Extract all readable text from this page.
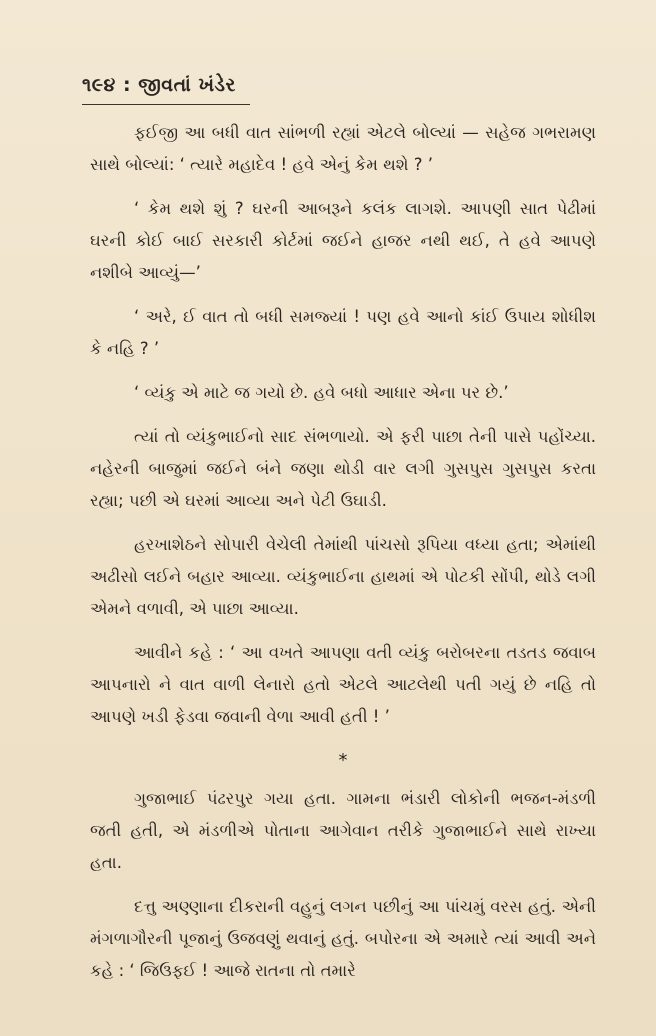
૧૯૪ : જીવતાં ખંડેર

ફઈજી આ બધી વાત સાંભળી રહ્યાં એટલે બોલ્યાં — સહેજ ગભરામણ સાથે બોલ્યાં: ‘ ત્યારે મહાદેવ ! હવે એનું કેમ થશે ? ’

‘ કેમ થશે શું ? ઘરની આબરૂને કલંક લાગશે. આપણી સાત પેઢીમાં ઘરની કોઈ બાઈ સરકારી કોર્ટમાં જઈને હાજર નથી થઈ, તે હવે આપણે નશીબે આવ્યું—’

‘ અરે, ઈ વાત તો બધી સમજ્યાં ! પણ હવે આનો કાંઈ ઉપાય શોધીશ કે નહિ ? ’

‘ વ્યંકુ એ માટે જ ગયો છે. હવે બધો આધાર એના પર છે.’

ત્યાં તો વ્યંકુભાઈનો સાદ સંભળાયો. એ ફરી પાછા તેની પાસે પહોંચ્યા. નહેરની બાજુમાં જઈને બંને જણા થોડી વાર લગી ગુસપુસ ગુસપુસ કરતા રહ્યા; પછી એ ઘરમાં આવ્યા અને પેટી ઉઘાડી.

હરખાશેઠને સોપારી વેચેલી તેમાંથી પાંચસો રૂપિયા વધ્યા હતા; એમાંથી અઢીસો લઈને બહાર આવ્યા. વ્યંકુભાઈના હાથમાં એ પોટકી સોંપી, થોડે લગી એમને વળાવી, એ પાછા આવ્યા.

આવીને કહે : ‘ આ વખતે આપણા વતી વ્યંકુ બરોબરના તડતડ જવાબ આપનારો ને વાત વાળી લેનારો હતો એટલે આટલેથી પતી ગયું છે નહિ તો આપણે ખડી ફેડવા જવાની વેળા આવી હતી ! ’

*

ગુજાભાઈ પંઢરપુર ગયા હતા. ગામના ભંડારી લોકોની ભજન-મંડળી જતી હતી, એ મંડળીએ પોતાના આગેવાન તરીકે ગુજાભાઈને સાથે રાખ્યા હતા.

દત્તુ અણ્ણાના દીકરાની વહુનું લગન પછીનું આ પાંચમું વરસ હતું. એની મંગળાગૌરની પૂજાનું ઉજવણું થવાનું હતું. બપોરના એ અમારે ત્યાં આવી અને કહે : ‘ જિઉફઈ ! આજે રાતના તો તમારે
